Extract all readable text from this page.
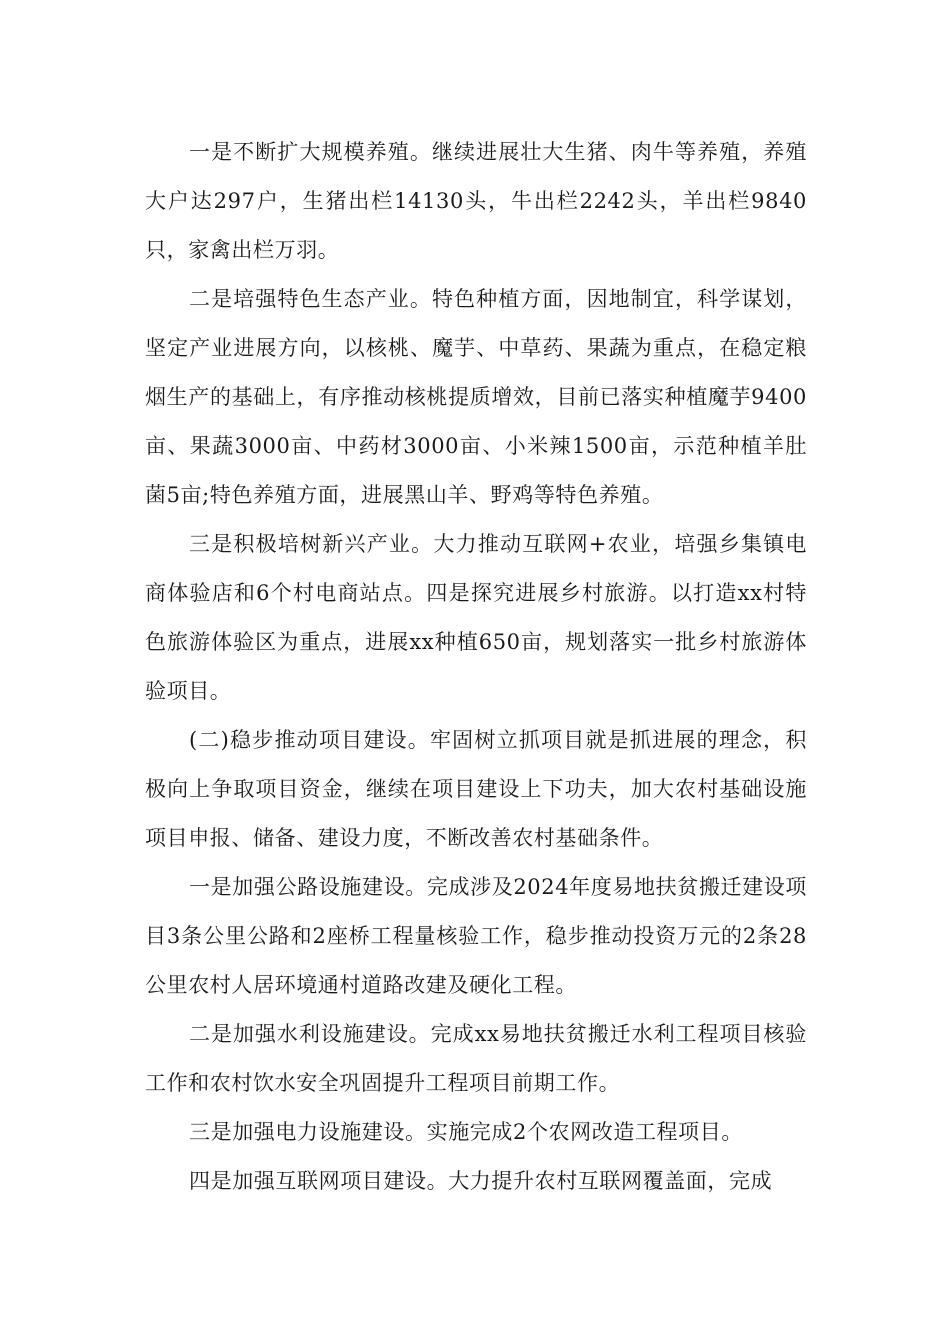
一是不断扩大规模养殖。继续进展壮大生猪、肉牛等养殖，养殖大户达297户，生猪出栏14130头，牛出栏2242头，羊出栏9840只，家禽出栏万羽。

二是培强特色生态产业。特色种植方面，因地制宜，科学谋划，坚定产业进展方向，以核桃、魔芋、中草药、果蔬为重点，在稳定粮烟生产的基础上，有序推动核桃提质增效，目前已落实种植魔芋9400亩、果蔬3000亩、中药材3000亩、小米辣1500亩，示范种植羊肚菌5亩;特色养殖方面，进展黑山羊、野鸡等特色养殖。

三是积极培树新兴产业。大力推动互联网+农业，培强乡集镇电商体验店和6个村电商站点。四是探究进展乡村旅游。以打造xx村特色旅游体验区为重点，进展xx种植650亩，规划落实一批乡村旅游体验项目。

(二)稳步推动项目建设。牢固树立抓项目就是抓进展的理念，积极向上争取项目资金，继续在项目建设上下功夫，加大农村基础设施项目申报、储备、建设力度，不断改善农村基础条件。

一是加强公路设施建设。完成涉及2024年度易地扶贫搬迁建设项目3条公里公路和2座桥工程量核验工作，稳步推动投资万元的2条28公里农村人居环境通村道路改建及硬化工程。

二是加强水利设施建设。完成xx易地扶贫搬迁水利工程项目核验工作和农村饮水安全巩固提升工程项目前期工作。

三是加强电力设施建设。实施完成2个农网改造工程项目。

四是加强互联网项目建设。大力提升农村互联网覆盖面，完成
